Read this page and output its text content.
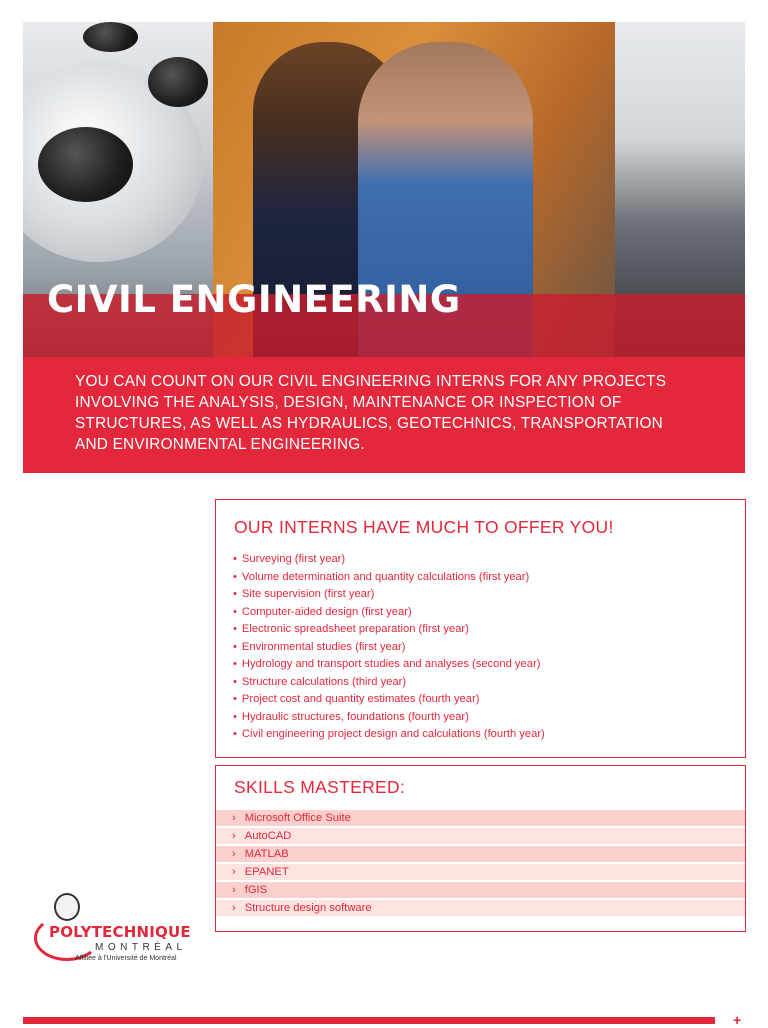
CIVIL ENGINEERING

YOU CAN COUNT ON OUR CIVIL ENGINEERING INTERNS FOR ANY PROJECTS INVOLVING THE ANALYSIS, DESIGN, MAINTENANCE OR INSPECTION OF STRUCTURES, AS WELL AS HYDRAULICS, GEOTECHNICS, TRANSPORTATION AND ENVIRONMENTAL ENGINEERING.

+
OUR INTERNS HAVE MUCH TO OFFER YOU!
• Surveying (first year)
• Volume determination and quantity calculations (first year)
• Site supervision (first year)
• Computer-aided design (first year)
• Electronic spreadsheet preparation (first year)
• Environmental studies (first year)
• Hydrology and transport studies and analyses (second year)
• Structure calculations (third year)
• Project cost and quantity estimates (fourth year)
• Hydraulic structures, foundations (fourth year)
• Civil engineering project design and calculations (fourth year)
SKILLS MASTERED:
› Microsoft Office Suite
› AutoCAD
› MATLAB
› EPANET
› fGIS
› Structure design software
POLYTECHNIQUE
MONTRÉAL
Affiliée à l'Université de Montréal
+
